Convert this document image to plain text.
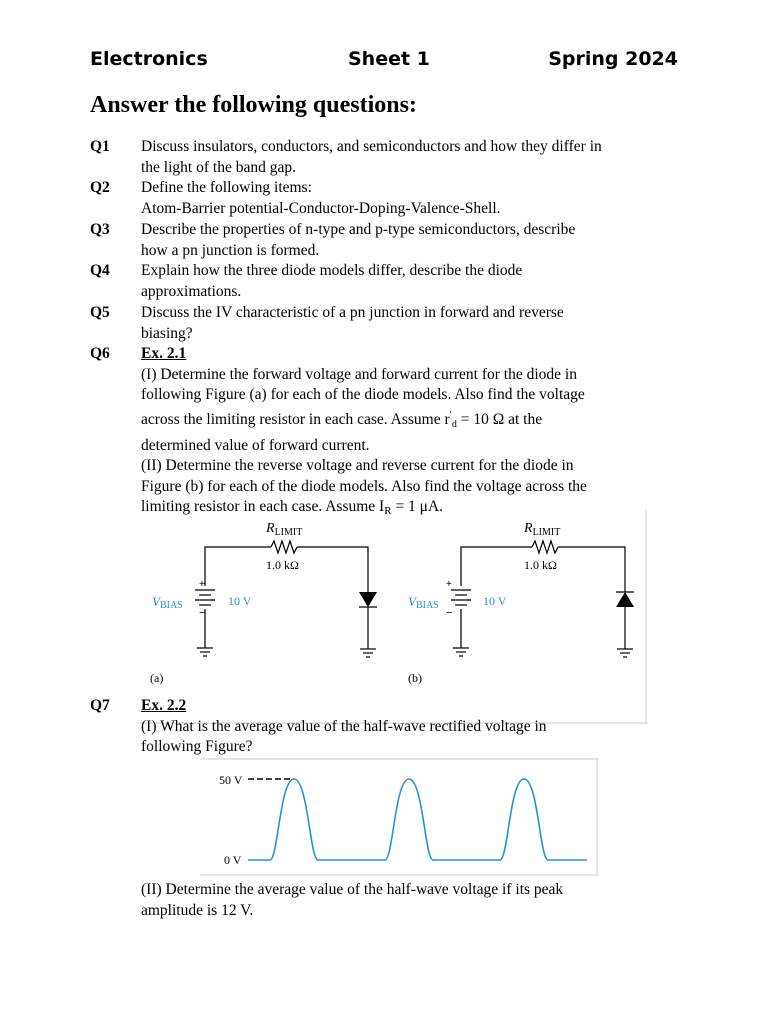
Electronics	Sheet 1	Spring 2024
Answer the following questions:
Q1 Discuss insulators, conductors, and semiconductors and how they differ in
the light of the band gap.
Q2 Define the following items:
Atom-Barrier potential-Conductor-Doping-Valence-Shell.
Q3 Describe the properties of n-type and p-type semiconductors, describe
how a pn junction is formed.
Q4 Explain how the three diode models differ, describe the diode
approximations.
Q5 Discuss the IV characteristic of a pn junction in forward and reverse
biasing?
Q6 Ex. 2.1
(I) Determine the forward voltage and forward current for the diode in
following Figure (a) for each of the diode models. Also find the voltage
across the limiting resistor in each case. Assume r′d = 10 Ω at the
determined value of forward current.
(II) Determine the reverse voltage and reverse current for the diode in
Figure (b) for each of the diode models. Also find the voltage across the
limiting resistor in each case. Assume IR = 1 μA.
$R_{LIMIT}$
1.0 kΩ
+
−
VBIAS	10 V
(a)
$R_{LIMIT}$
1.0 kΩ
+
−
VBIAS	10 V
(b)
Q7 Ex. 2.2
(I) What is the average value of the half-wave rectified voltage in
following Figure?
50 V
0 V
(II) Determine the average value of the half-wave voltage if its peak
amplitude is 12 V.
